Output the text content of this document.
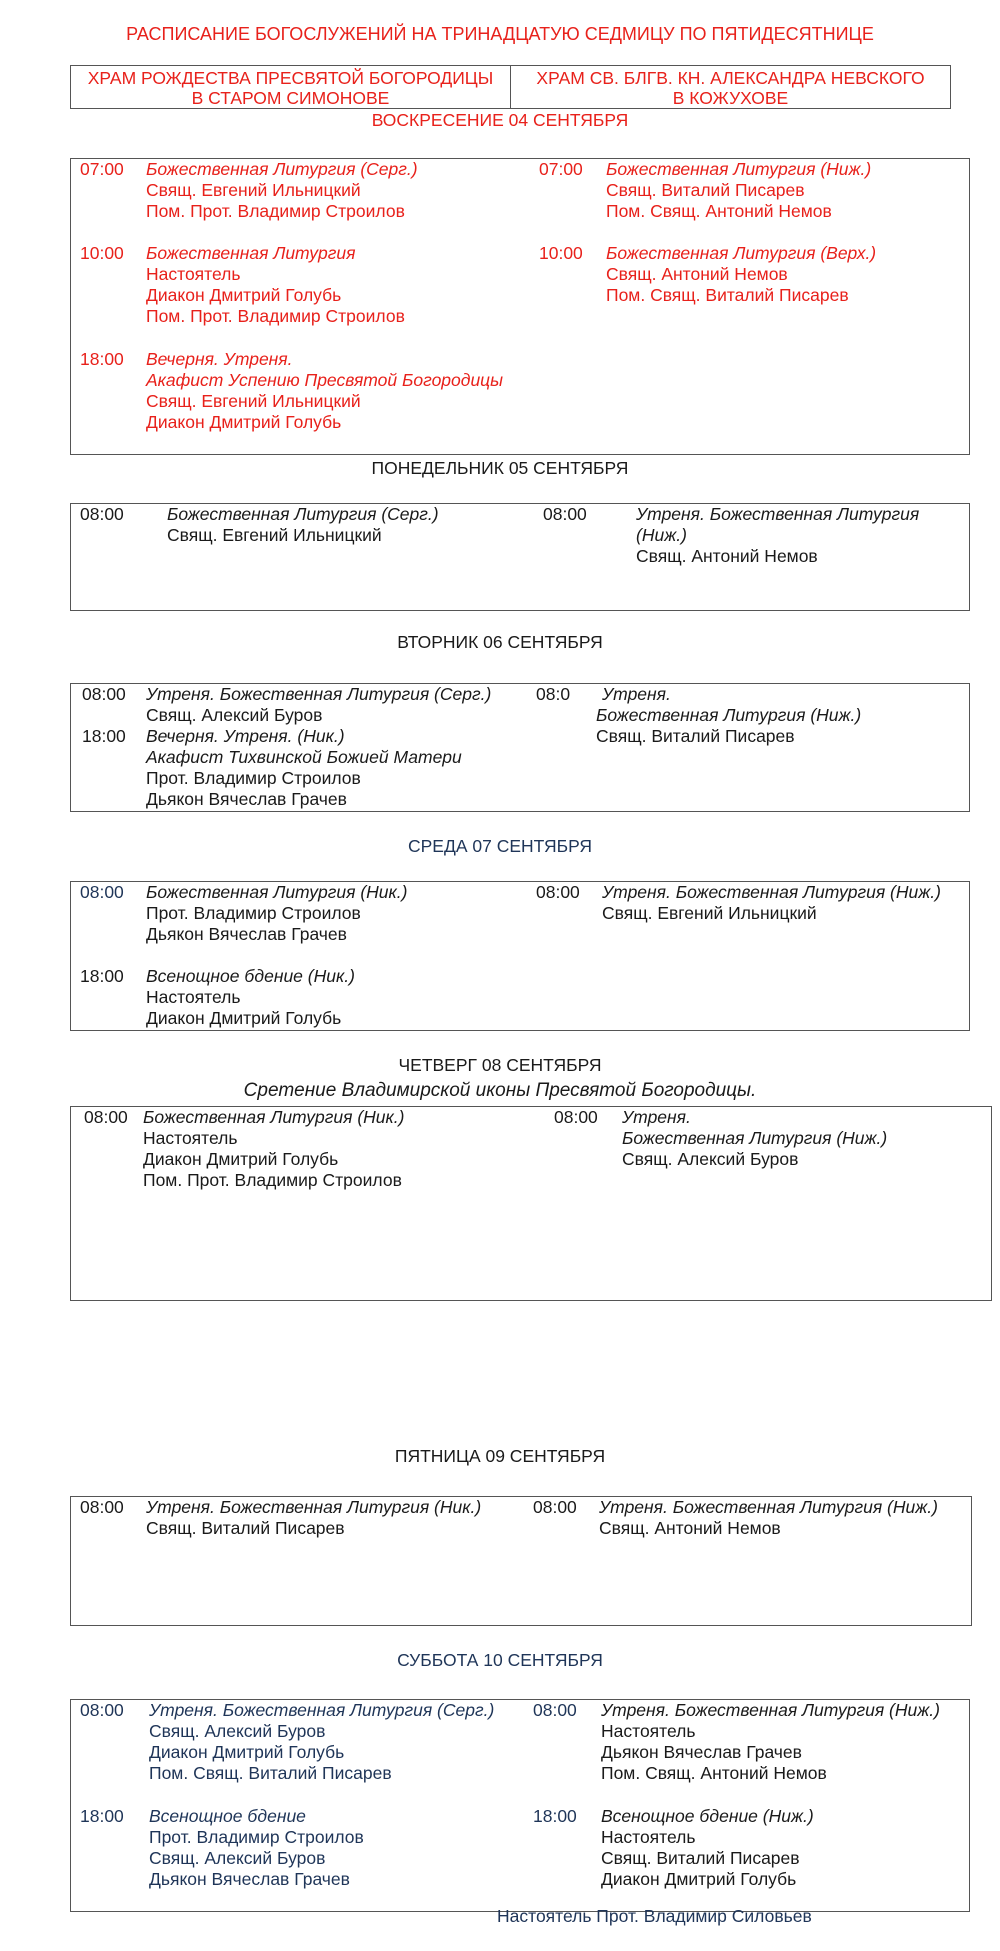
РАСПИСАНИЕ БОГОСЛУЖЕНИЙ НА ТРИНАДЦАТУЮ СЕДМИЦУ ПО ПЯТИДЕСЯТНИЦЕ
ХРАМ РОЖДЕСТВА ПРЕСВЯТОЙ БОГОРОДИЦЫ
В СТАРОМ СИМОНОВЕ
ХРАМ СВ. БЛГВ. КН. АЛЕКСАНДРА НЕВСКОГО
В КОЖУХОВЕ
ВОСКРЕСЕНИЕ 04 СЕНТЯБРЯ
07:00 Божественная Литургия (Серг.)
Свящ. Евгений Ильницкий
Пом. Прот. Владимир Строилов
10:00 Божественная Литургия
Настоятель
Диакон Дмитрий Голубь
Пом. Прот. Владимир Строилов
18:00 Вечерня. Утреня.
Акафист Успению Пресвятой Богородицы
Свящ. Евгений Ильницкий
Диакон Дмитрий Голубь
07:00 Божественная Литургия (Ниж.)
Свящ. Виталий Писарев
Пом. Свящ. Антоний Немов
10:00 Божественная Литургия (Верх.)
Свящ. Антоний Немов
Пом. Свящ. Виталий Писарев
ПОНЕДЕЛЬНИК 05 СЕНТЯБРЯ
08:00 Божественная Литургия (Серг.)
Свящ. Евгений Ильницкий
08:00	Утреня. Божественная Литургия
(Ниж.)
Свящ. Антоний Немов
ВТОРНИК 06 СЕНТЯБРЯ
08:00 Утреня. Божественная Литургия (Серг.)
Свящ. Алексий Буров
18:00 Вечерня. Утреня. (Ник.)
Акафист Тихвинской Божией Матери
Прот. Владимир Строилов
Дьякон Вячеслав Грачев
08:0	Утреня.
Божественная Литургия (Ниж.)
Свящ. Виталий Писарев
СРЕДА 07 СЕНТЯБРЯ
08:00 Божественная Литургия (Ник.)
Прот. Владимир Строилов
Дьякон Вячеслав Грачев
18:00 Всенощное бдение (Ник.)
Настоятель
Диакон Дмитрий Голубь
08:00 Утреня. Божественная Литургия (Ниж.)
Свящ. Евгений Ильницкий
ЧЕТВЕРГ 08 СЕНТЯБРЯ
Сретение Владимирской иконы Пресвятой Богородицы.
08:00 Божественная Литургия (Ник.)
Настоятель
Диакон Дмитрий Голубь
Пом. Прот. Владимир Строилов
08:00 Утреня.
Божественная Литургия (Ниж.)
Свящ. Алексий Буров
ПЯТНИЦА 09 СЕНТЯБРЯ
08:00 Утреня. Божественная Литургия (Ник.)
Свящ. Виталий Писарев
08:00 Утреня. Божественная Литургия (Ниж.)
Свящ. Антоний Немов
СУББОТА 10 СЕНТЯБРЯ
08:00 Утреня. Божественная Литургия (Серг.)
Свящ. Алексий Буров
Диакон Дмитрий Голубь
Пом. Свящ. Виталий Писарев
18:00 Всенощное бдение
Прот. Владимир Строилов
Свящ. Алексий Буров
Дьякон Вячеслав Грачев
08:00 Утреня. Божественная Литургия (Ниж.)
Настоятель
Дьякон Вячеслав Грачев
Пом. Свящ. Антоний Немов
18:00 Всенощное бдение (Ниж.)
Настоятель
Свящ. Виталий Писарев
Диакон Дмитрий Голубь
Настоятель Прот. Владимир Силовьев
